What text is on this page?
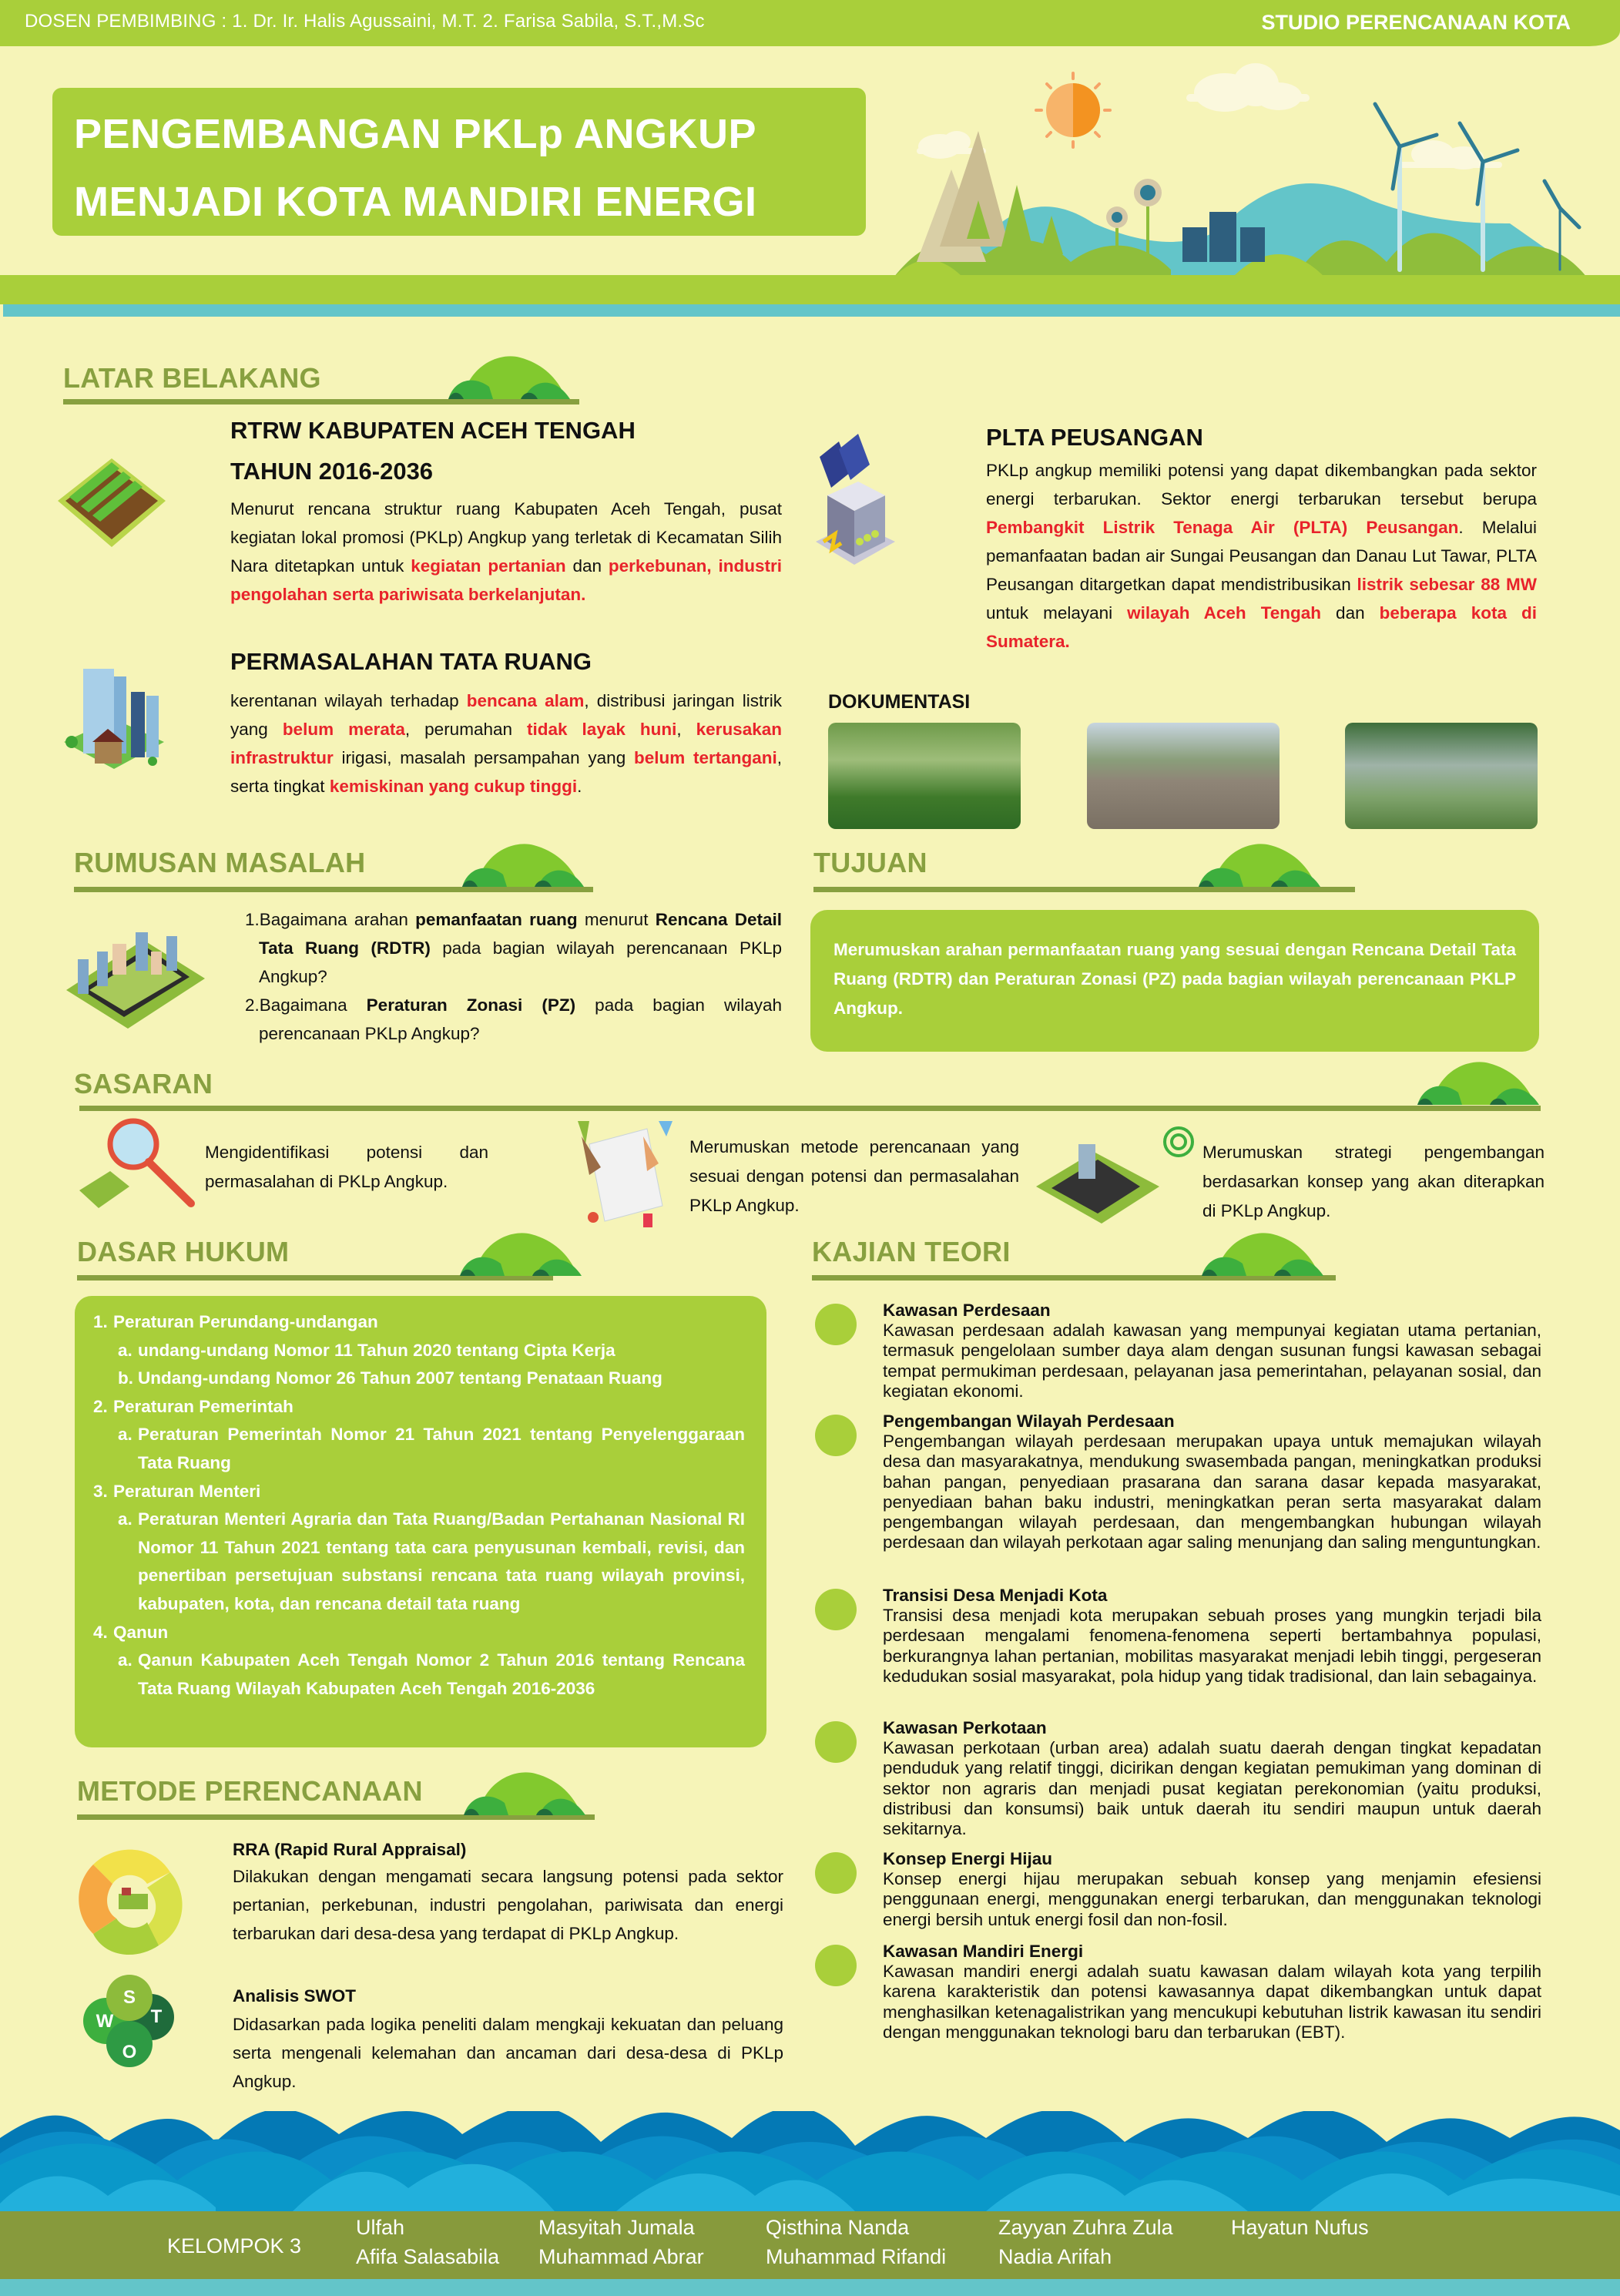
DOSEN PEMBIMBING : 1. Dr. Ir. Halis Agussaini, M.T. 2. Farisa Sabila, S.T.,M.Sc	STUDIO PERENCANAAN KOTA
PENGEMBANGAN PKLp ANGKUP
MENJADI KOTA MANDIRI ENERGI
LATAR BELAKANG
RTRW KABUPATEN ACEH TENGAH
TAHUN 2016-2036

Menurut rencana struktur ruang Kabupaten Aceh Tengah, pusat kegiatan lokal promosi (PKLp) Angkup yang terletak di Kecamatan Silih Nara ditetapkan untuk kegiatan pertanian dan perkebunan, industri pengolahan serta pariwisata berkelanjutan.

PERMASALAHAN TATA RUANG

kerentanan wilayah terhadap bencana alam, distribusi jaringan listrik yang belum merata, perumahan tidak layak huni, kerusakan infrastruktur irigasi, masalah persampahan yang belum tertangani, serta tingkat kemiskinan yang cukup tinggi.

PLTA PEUSANGAN

PKLp angkup memiliki potensi yang dapat dikembangkan pada sektor energi terbarukan. Sektor energi terbarukan tersebut berupa Pembangkit Listrik Tenaga Air (PLTA) Peusangan. Melalui pemanfaatan badan air Sungai Peusangan dan Danau Lut Tawar, PLTA Peusangan ditargetkan dapat mendistribusikan listrik sebesar 88 MW untuk melayani wilayah Aceh Tengah dan beberapa kota di Sumatera.

DOKUMENTASI
RUMUSAN MASALAH
1.Bagaimana arahan pemanfaatan ruang menurut Rencana Detail Tata Ruang (RDTR) pada bagian wilayah perencanaan PKLp Angkup?
2.Bagaimana Peraturan Zonasi (PZ) pada bagian wilayah perencanaan PKLp Angkup?
TUJUAN

Merumuskan arahan permanfaatan ruang yang sesuai dengan Rencana Detail Tata Ruang (RDTR) dan Peraturan Zonasi (PZ) pada bagian wilayah perencanaan PKLP Angkup.

SASARAN

Mengidentifikasi potensi dan permasalahan di PKLp Angkup.

Merumuskan metode perencanaan yang sesuai dengan potensi dan permasalahan PKLp Angkup.

Merumuskan strategi pengembangan berdasarkan konsep yang akan diterapkan di PKLp Angkup.

DASAR HUKUM
1. Peraturan Perundang-undangan
a. undang-undang Nomor 11 Tahun 2020 tentang Cipta Kerja
b. Undang-undang Nomor 26 Tahun 2007 tentang Penataan Ruang
2. Peraturan Pemerintah
a. Peraturan Pemerintah Nomor 21 Tahun 2021 tentang Penyelenggaraan Tata Ruang
3. Peraturan Menteri
a. Peraturan Menteri Agraria dan Tata Ruang/Badan Pertahanan Nasional RI Nomor 11 Tahun 2021 tentang tata cara penyusunan kembali, revisi, dan penertiban persetujuan substansi rencana tata ruang wilayah provinsi, kabupaten, kota, dan rencana detail tata ruang
4. Qanun
a. Qanun Kabupaten Aceh Tengah Nomor 2 Tahun 2016 tentang Rencana Tata Ruang Wilayah Kabupaten Aceh Tengah 2016-2036
METODE PERENCANAAN
RRA (Rapid Rural Appraisal)

Dilakukan dengan mengamati secara langsung potensi pada sektor pertanian, perkebunan, industri pengolahan, pariwisata dan energi terbarukan dari desa-desa yang terdapat di PKLp Angkup.

S
W T
O
Analisis SWOT

Didasarkan pada logika peneliti dalam mengkaji kekuatan dan peluang serta mengenali kelemahan dan ancaman dari desa-desa di PKLp Angkup.

KAJIAN TEORI
Kawasan Perdesaan
Kawasan perdesaan adalah kawasan yang mempunyai kegiatan utama pertanian, termasuk pengelolaan sumber daya alam dengan susunan fungsi kawasan sebagai tempat permukiman perdesaan, pelayanan jasa pemerintahan, pelayanan sosial, dan kegiatan ekonomi.
Pengembangan Wilayah Perdesaan
Pengembangan wilayah perdesaan merupakan upaya untuk memajukan wilayah desa dan masyarakatnya, mendukung swasembada pangan, meningkatkan produksi bahan pangan, penyediaan prasarana dan sarana dasar kepada masyarakat, penyediaan bahan baku industri, meningkatkan peran serta masyarakat dalam pengembangan wilayah perdesaan, dan mengembangkan hubungan wilayah perdesaan dan wilayah perkotaan agar saling menunjang dan saling menguntungkan.
Transisi Desa Menjadi Kota
Transisi desa menjadi kota merupakan sebuah proses yang mungkin terjadi bila perdesaan mengalami fenomena-fenomena seperti bertambahnya populasi, berkurangnya lahan pertanian, mobilitas masyarakat menjadi lebih tinggi, pergeseran kedudukan sosial masyarakat, pola hidup yang tidak tradisional, dan lain sebagainya.
Kawasan Perkotaan
Kawasan perkotaan (urban area) adalah suatu daerah dengan tingkat kepadatan penduduk yang relatif tinggi, dicirikan dengan kegiatan pemukiman yang dominan di sektor non agraris dan menjadi pusat kegiatan perekonomian (yaitu produksi, distribusi dan konsumsi) baik untuk daerah itu sendiri maupun untuk daerah sekitarnya.
Konsep Energi Hijau
Konsep energi hijau merupakan sebuah konsep yang menjamin efesiensi penggunaan energi, menggunakan energi terbarukan, dan menggunakan teknologi energi bersih untuk energi fosil dan non-fosil.
Kawasan Mandiri Energi
Kawasan mandiri energi adalah suatu kawasan dalam wilayah kota yang terpilih karena karakteristik dan potensi kawasannya dapat dikembangkan untuk dapat menghasilkan ketenagalistrikan yang mencukupi kebutuhan listrik kawasan itu sendiri dengan menggunakan teknologi baru dan terbarukan (EBT).
KELOMPOK 3
Ulfah
Afifa Salasabila
Masyitah Jumala
Muhammad Abrar
Qisthina Nanda
Muhammad Rifandi
Zayyan Zuhra Zula
Nadia Arifah
Hayatun Nufus
